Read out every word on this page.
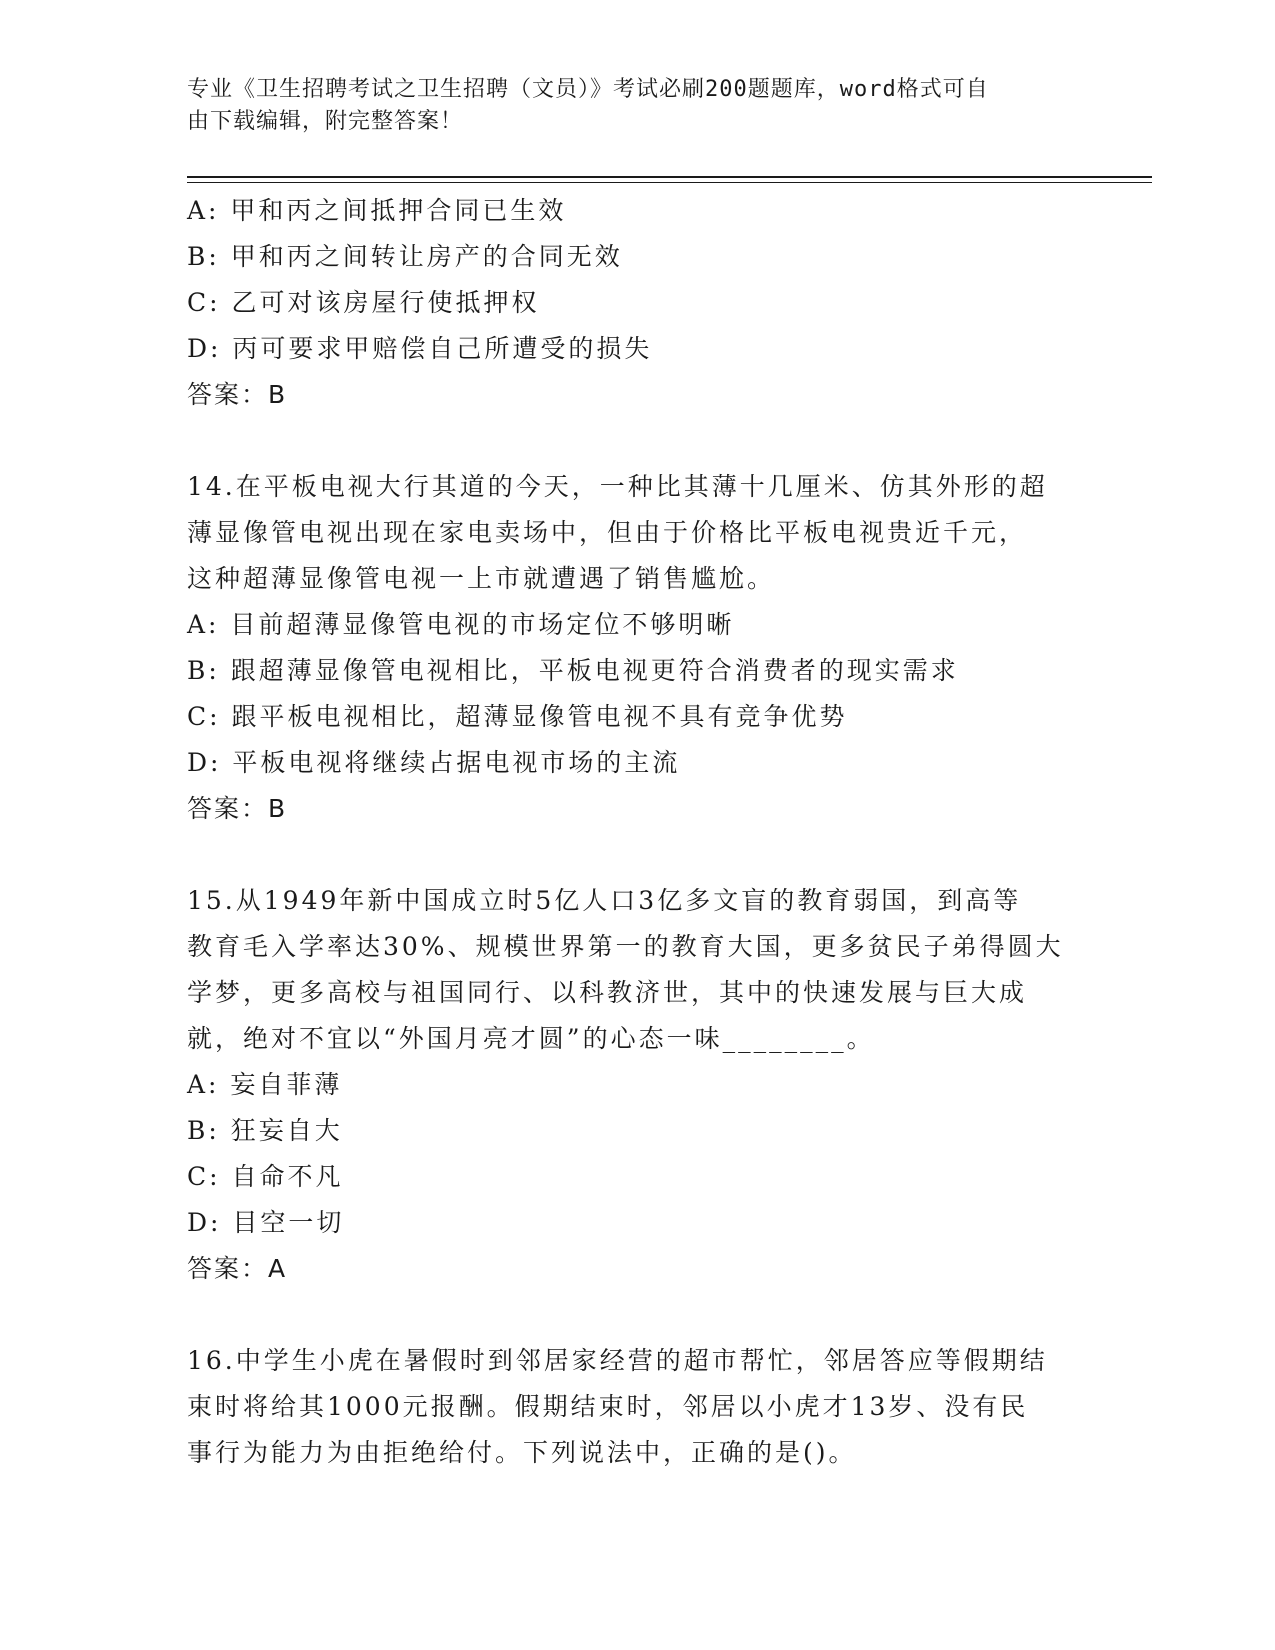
专业《卫生招聘考试之卫生招聘（文员）》考试必刷200题题库，word格式可自
由下载编辑，附完整答案！
A: 甲和丙之间抵押合同已生效
B: 甲和丙之间转让房产的合同无效
C: 乙可对该房屋行使抵押权
D: 丙可要求甲赔偿自己所遭受的损失
答案：B
14.在平板电视大行其道的今天，一种比其薄十几厘米、仿其外形的超
薄显像管电视出现在家电卖场中，但由于价格比平板电视贵近千元，
这种超薄显像管电视一上市就遭遇了销售尴尬。
A: 目前超薄显像管电视的市场定位不够明晰
B: 跟超薄显像管电视相比，平板电视更符合消费者的现实需求
C: 跟平板电视相比，超薄显像管电视不具有竞争优势
D: 平板电视将继续占据电视市场的主流
答案：B
15.从1949年新中国成立时5亿人口3亿多文盲的教育弱国，到高等
教育毛入学率达30%、规模世界第一的教育大国，更多贫民子弟得圆大
学梦，更多高校与祖国同行、以科教济世，其中的快速发展与巨大成
就，绝对不宜以“外国月亮才圆”的心态一味________。
A: 妄自菲薄
B: 狂妄自大
C: 自命不凡
D: 目空一切
答案：A
16.中学生小虎在暑假时到邻居家经营的超市帮忙，邻居答应等假期结
束时将给其1000元报酬。假期结束时，邻居以小虎才13岁、没有民
事行为能力为由拒绝给付。下列说法中，正确的是()。
